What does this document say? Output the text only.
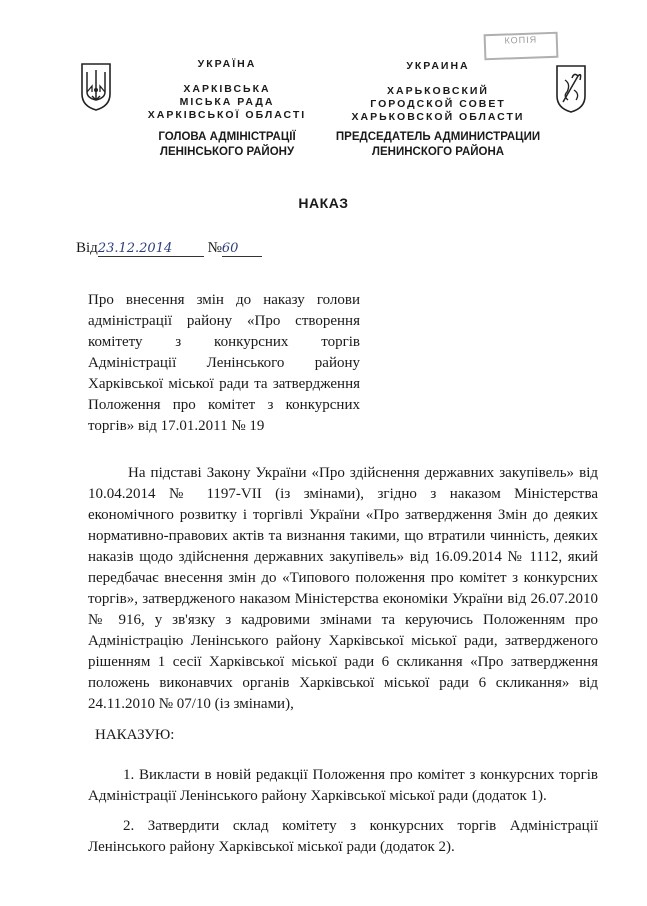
КОПІЯ
УКРАЇНА
ХАРКІВСЬКА
МІСЬКА РАДА
ХАРКІВСЬКОЇ ОБЛАСТІ
ГОЛОВА АДМІНІСТРАЦІЇ
ЛЕНІНСЬКОГО РАЙОНУ
УКРАИНА
ХАРЬКОВСКИЙ
ГОРОДСКОЙ СОВЕТ
ХАРЬКОВСКОЙ ОБЛАСТИ
ПРЕДСЕДАТЕЛЬ АДМИНИСТРАЦИИ
ЛЕНИНСКОГО РАЙОНА
НАКАЗ
Від23.12.2014 №60
Про внесення змін до наказу голови адміністрації району «Про створення комітету з конкурсних торгів Адміністрації Ленінського району Харківської міської ради та затвердження Положення про комітет з конкурсних торгів» від 17.01.2011 № 19

На підставі Закону України «Про здійснення державних закупівель» від 10.04.2014 № 1197-VII (із змінами), згідно з наказом Міністерства економічного розвитку і торгівлі України «Про затвердження Змін до деяких нормативно-правових актів та визнання такими, що втратили чинність, деяких наказів щодо здійснення державних закупівель» від 16.09.2014 № 1112, який передбачає внесення змін до «Типового положення про комітет з конкурсних торгів», затвердженого наказом Міністерства економіки України від 26.07.2010 № 916, у зв'язку з кадровими змінами та керуючись Положенням про Адміністрацію Ленінського району Харківської міської ради, затвердженого рішенням 1 сесії Харківської міської ради 6 скликання «Про затвердження положень виконавчих органів Харківської міської ради 6 скликання» від 24.11.2010 № 07/10 (із змінами),

НАКАЗУЮ:

1. Викласти в новій редакції Положення про комітет з конкурсних торгів Адміністрації Ленінського району Харківської міської ради (додаток 1).

2. Затвердити склад комітету з конкурсних торгів Адміністрації Ленінського району Харківської міської ради (додаток 2).
